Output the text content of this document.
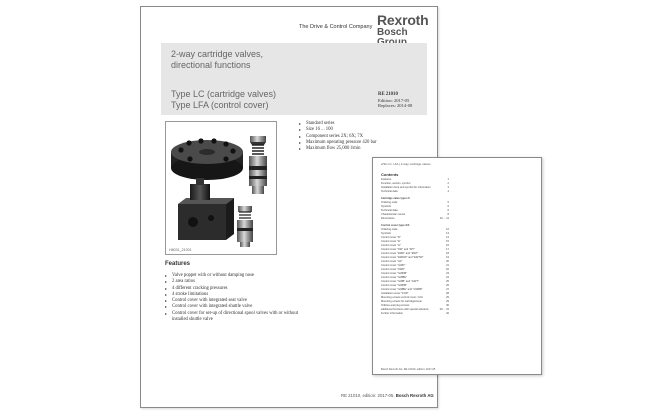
The Drive & Control Company Rexroth
Bosch
2-way cartridge valves,
directional functions
Type LC (cartridge valves)
Type LFA (control cover)
RE 21010
Edition: 2017-05
Replaces: 2014-08
H8031_21001
▸ Standard series
▸ Size 16 ... 100
▸ Component series 2X; 6X; 7X
▸ Maximum operating pressure 420 bar
▸ Maximum flow 25,000 l/min
Features
▸ Valve poppet with or without damping nose
▸ 2 area ratios
▸ 4 different cracking pressures
▸ 4 stroke limitations
▸ Control cover with integrated seat valve
▸ Control cover with integrated shuttle valve
▸ Control cover for set-up of directional spool valves with or without installed shuttle valve
RE 21010, edition: 2017-05, Bosch Rexroth AG
2/32 LC; LFA | 2-way cartridge valves
Contents
Features	1
Function, section, symbol	2
Installation bore and symbol for information	3
Technical data	4
Cartridge valve type LC
Ordering code	5
Symbols	6
Technical data	6
Characteristic curves	8
Dimensions	10 ... 11
Control cover type LFA
Ordering code	12
Symbols	13
Control cover "D"	14
Control cover "E"	15
Control cover "H"	16
Control cover "KW" and "WT"	17
Control cover "EWD" and "EWT"	18
Control cover "EWDW" and "EWTW"	19
Control cover "GF"	20
Control cover "GWD"	21
Control cover "KWD"	22
Control cover "GWDB"	23
Control cover "GWBE"	24
Control cover "GWB" and "GWT"	25
Control cover "GWDB"	26
Control cover "GWBE" and "GWBR"	27
Installation cover "FOD"	28
Mounting screws control cover / LFA	29
Mounting screws for cartridge/cover	29
Orifices and plug screws	30
Additional functions with special solutions	30 ... 31
Further information	32
Bosch Rexroth AG, RE 21010, edition: 2017-05
